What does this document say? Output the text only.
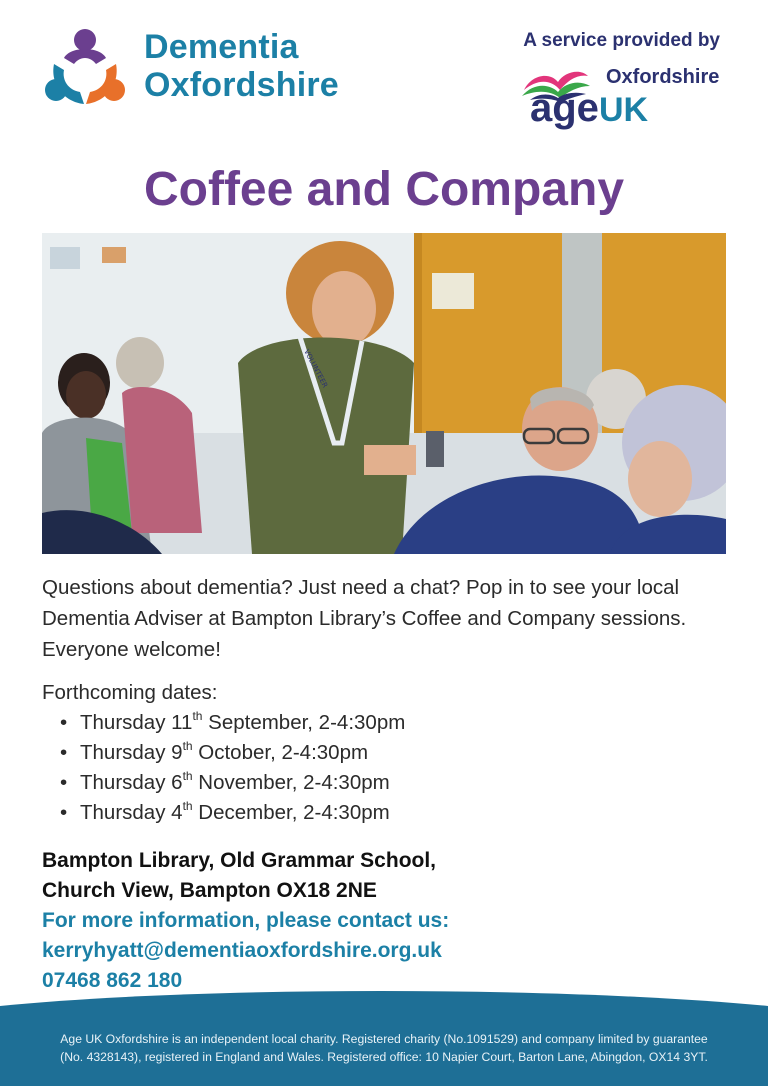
Dementia
Oxfordshire
A service provided by
Oxfordshire
ageUK
Coffee and Company
VOLUNTEER
Questions about dementia? Just need a chat? Pop in to see your local Dementia Adviser at Bampton Library’s Coffee and Company sessions. Everyone welcome!
Forthcoming dates:
• Thursday 11th September, 2-4:30pm
• Thursday 9th October, 2-4:30pm
• Thursday 6th November, 2-4:30pm
• Thursday 4th December, 2-4:30pm
Bampton Library, Old Grammar School,
Church View, Bampton OX18 2NE
For more information, please contact us:
kerryhyatt@dementiaoxfordshire.org.uk
07468 862 180
Age UK Oxfordshire is an independent local charity. Registered charity (No.1091529) and company limited by guarantee
(No. 4328143), registered in England and Wales. Registered office: 10 Napier Court, Barton Lane, Abingdon, OX14 3YT.
